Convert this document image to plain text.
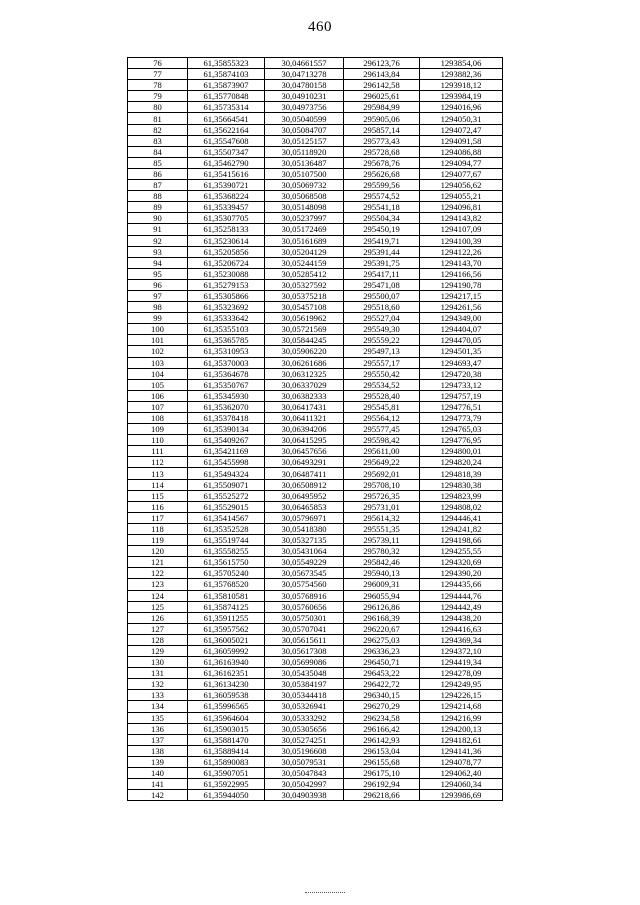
460
76	61,35855323	30,04661557	296123,76	1293854,06
77	61,35874103	30,04713278	296143,84	1293882,36
78	61,35873907	30,04780158	296142,58	1293918,12
79	61,35770848	30,04910231	296025,61	1293984,19
80	61,35735314	30,04973756	295984,99	1294016,96
81	61,35664541	30,05040599	295905,06	1294050,31
82	61,35622164	30,05084707	295857,14	1294072,47
83	61,35547608	30,05125157	295773,43	1294091,58
84	61,35507347	30,05118920	295728,68	1294086,88
85	61,35462790	30,05136487	295678,76	1294094,77
86	61,35415616	30,05107500	295626,68	1294077,67
87	61,35390721	30,05069732	295599,56	1294056,62
88	61,35368224	30,05068508	295574,52	1294055,21
89	61,35339457	30,05148098	295541,18	1294096,81
90	61,35307705	30,05237997	295504,34	1294143,82
91	61,35258133	30,05172469	295450,19	1294107,09
92	61,35230614	30,05161689	295419,71	1294100,39
93	61,35205856	30,05204129	295391,44	1294122,26
94	61,35206724	30,05244159	295391,75	1294143,70
95	61,35230088	30,05285412	295417,11	1294166,56
96	61,35279153	30,05327592	295471,08	1294190,78
97	61,35305866	30,05375218	295500,07	1294217,15
98	61,35323692	30,05457108	295518,60	1294261,56
99	61,35333642	30,05619962	295527,04	1294349,00
100	61,35355103	30,05721569	295549,30	1294404,07
101	61,35365785	30,05844245	295559,22	1294470,05
102	61,35310953	30,05906220	295497,13	1294501,35
103	61,35370003	30,06261686	295557,17	1294693,47
104	61,35364678	30,06312325	295550,42	1294720,38
105	61,35350767	30,06337029	295534,52	1294733,12
106	61,35345930	30,06382333	295528,40	1294757,19
107	61,35362070	30,06417431	295545,81	1294776,51
108	61,35378418	30,06411321	295564,12	1294773,79
109	61,35390134	30,06394206	295577,45	1294765,03
110	61,35409267	30,06415295	295598,42	1294776,95
111	61,35421169	30,06457656	295611,00	1294800,01
112	61,35455998	30,06493291	295649,22	1294820,24
113	61,35494324	30,06487411	295692,01	1294818,39
114	61,35509071	30,06508912	295708,10	1294830,38
115	61,35525272	30,06495952	295726,35	1294823,99
116	61,35529015	30,06465853	295731,01	1294808,02
117	61,35414567	30,05796971	295614,32	1294446,41
118	61,35352528	30,05418380	295551,35	1294241,82
119	61,35519744	30,05327135	295739,11	1294198,66
120	61,35558255	30,05431064	295780,32	1294255,55
121	61,35615750	30,05549229	295842,46	1294320,69
122	61,35705240	30,05673545	295940,13	1294390,20
123	61,35768520	30,05754560	296009,31	1294435,66
124	61,35810581	30,05768916	296055,94	1294444,76
125	61,35874125	30,05760656	296126,86	1294442,49
126	61,35911255	30,05750301	296168,39	1294438,20
127	61,35957562	30,05707041	296220,67	1294416,63
128	61,36005021	30,05615611	296275,03	1294369,34
129	61,36059992	30,05617308	296336,23	1294372,10
130	61,36163940	30,05699086	296450,71	1294419,34
131	61,36162351	30,05435048	296453,22	1294278,09
132	61,36134230	30,05384197	296422,72	1294249,95
133	61,36059538	30,05344418	296340,15	1294226,15
134	61,35996565	30,05326941	296270,29	1294214,68
135	61,35964604	30,05333292	296234,58	1294216,99
136	61,35903015	30,05305656	296166,42	1294200,13
137	61,35881470	30,05274251	296142,93	1294182,61
138	61,35889414	30,05196608	296153,04	1294141,36
139	61,35890083	30,05079531	296155,68	1294078,77
140	61,35907051	30,05047843	296175,10	1294062,40
141	61,35922995	30,05042997	296192,94	1294060,34
142	61,35944050	30,04903938	296218,66	1293986,69
